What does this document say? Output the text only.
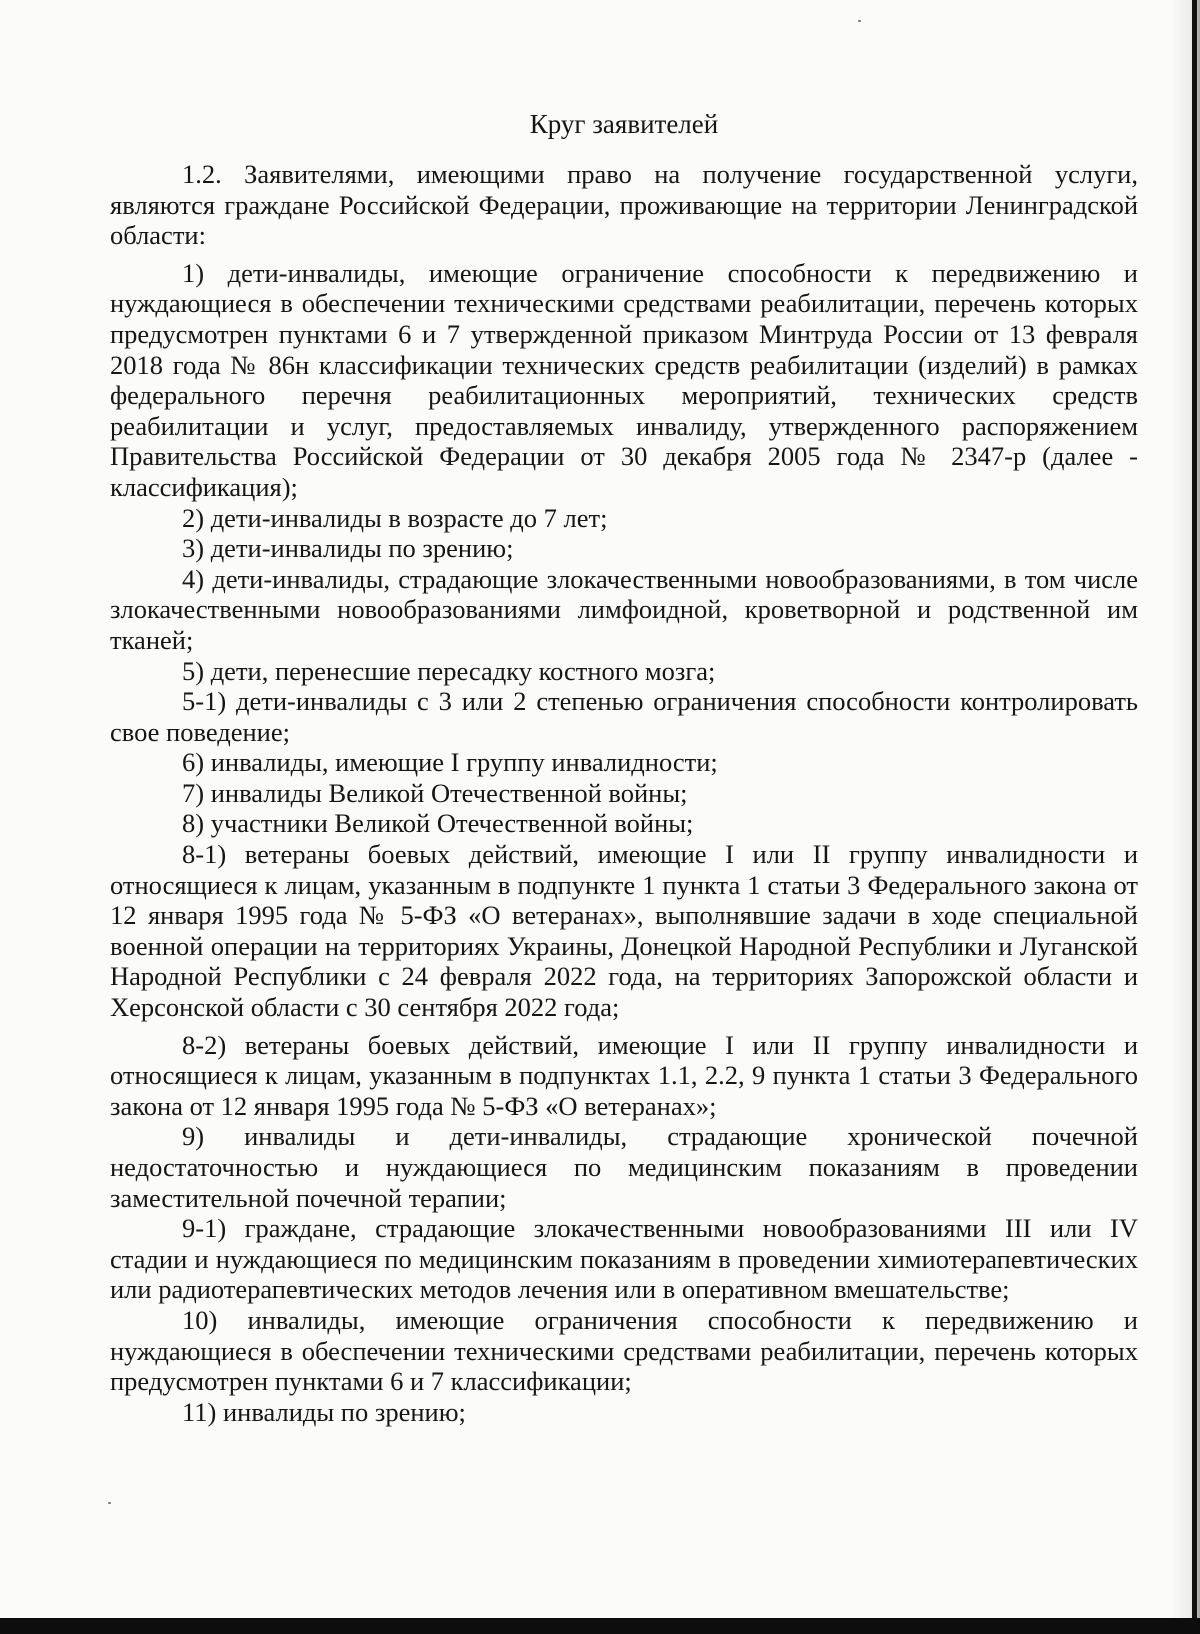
Круг заявителей

1.2. Заявителями, имеющими право на получение государственной услуги, являются граждане Российской Федерации, проживающие на территории Ленинградской области:

1) дети-инвалиды, имеющие ограничение способности к передвижению и нуждающиеся в обеспечении техническими средствами реабилитации, перечень которых предусмотрен пунктами 6 и 7 утвержденной приказом Минтруда России от 13 февраля 2018 года № 86н классификации технических средств реабилитации (изделий) в рамках федерального перечня реабилитационных мероприятий, технических средств реабилитации и услуг, предоставляемых инвалиду, утвержденного распоряжением Правительства Российской Федерации от 30 декабря 2005 года № 2347-р (далее - классификация);

2) дети-инвалиды в возрасте до 7 лет;

3) дети-инвалиды по зрению;

4) дети-инвалиды, страдающие злокачественными новообразованиями, в том числе злокачественными новообразованиями лимфоидной, кроветворной и родственной им тканей;

5) дети, перенесшие пересадку костного мозга;

5-1) дети-инвалиды с 3 или 2 степенью ограничения способности контролировать свое поведение;

6) инвалиды, имеющие I группу инвалидности;

7) инвалиды Великой Отечественной войны;

8) участники Великой Отечественной войны;

8-1) ветераны боевых действий, имеющие I или II группу инвалидности и относящиеся к лицам, указанным в подпункте 1 пункта 1 статьи 3 Федерального закона от 12 января 1995 года № 5-ФЗ «О ветеранах», выполнявшие задачи в ходе специальной военной операции на территориях Украины, Донецкой Народной Республики и Луганской Народной Республики с 24 февраля 2022 года, на территориях Запорожской области и Херсонской области с 30 сентября 2022 года;

8-2) ветераны боевых действий, имеющие I или II группу инвалидности и относящиеся к лицам, указанным в подпунктах 1.1, 2.2, 9 пункта 1 статьи 3 Федерального закона от 12 января 1995 года № 5-ФЗ «О ветеранах»;

9) инвалиды и дети-инвалиды, страдающие хронической почечной недостаточностью и нуждающиеся по медицинским показаниям в проведении заместительной почечной терапии;

9-1) граждане, страдающие злокачественными новообразованиями III или IV стадии и нуждающиеся по медицинским показаниям в проведении химиотерапевтических или радиотерапевтических методов лечения или в оперативном вмешательстве;

10) инвалиды, имеющие ограничения способности к передвижению и нуждающиеся в обеспечении техническими средствами реабилитации, перечень которых предусмотрен пунктами 6 и 7 классификации;

11) инвалиды по зрению;
